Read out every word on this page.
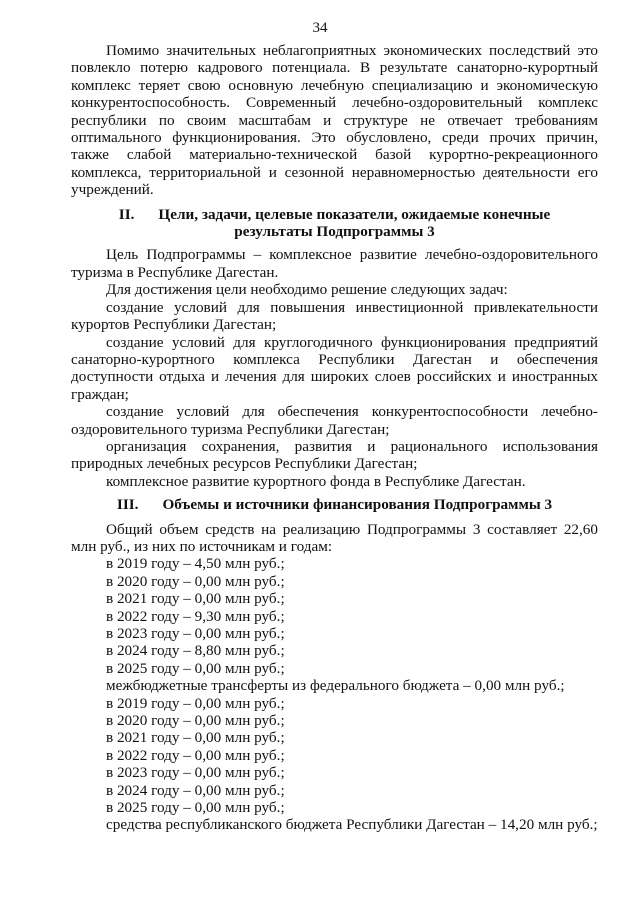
34

Помимо значительных неблагоприятных экономических последствий это повлекло потерю кадрового потенциала. В результате санаторно-курортный комплекс теряет свою основную лечебную специализацию и экономическую конкурентоспособность. Современный лечебно-оздоровительный комплекс республики по своим масштабам и структуре не отвечает требованиям оптимального функционирования. Это обусловлено, среди прочих причин, также слабой материально-технической базой курортно-рекреационного комплекса, территориальной и сезонной неравномерностью деятельности его учреждений.

II. Цели, задачи, целевые показатели, ожидаемые конечные
результаты Подпрограммы 3

Цель Подпрограммы – комплексное развитие лечебно-оздоровительного туризма в Республике Дагестан.

Для достижения цели необходимо решение следующих задач:

создание условий для повышения инвестиционной привлекательности курортов Республики Дагестан;

создание условий для круглогодичного функционирования предприятий санаторно-курортного комплекса Республики Дагестан и обеспечения доступности отдыха и лечения для широких слоев российских и иностранных граждан;

создание условий для обеспечения конкурентоспособности лечебно-оздоровительного туризма Республики Дагестан;

организация сохранения, развития и рационального использования природных лечебных ресурсов Республики Дагестан;

комплексное развитие курортного фонда в Республике Дагестан.

III. Объемы и источники финансирования Подпрограммы 3

Общий объем средств на реализацию Подпрограммы 3 составляет 22,60 млн руб., из них по источникам и годам:

в 2019 году – 4,50 млн руб.;

в 2020 году – 0,00 млн руб.;

в 2021 году – 0,00 млн руб.;

в 2022 году – 9,30 млн руб.;

в 2023 году – 0,00 млн руб.;

в 2024 году – 8,80 млн руб.;

в 2025 году – 0,00 млн руб.;

межбюджетные трансферты из федерального бюджета – 0,00 млн руб.;

в 2019 году – 0,00 млн руб.;

в 2020 году – 0,00 млн руб.;

в 2021 году – 0,00 млн руб.;

в 2022 году – 0,00 млн руб.;

в 2023 году – 0,00 млн руб.;

в 2024 году – 0,00 млн руб.;

в 2025 году – 0,00 млн руб.;

средства республиканского бюджета Республики Дагестан – 14,20 млн руб.;
